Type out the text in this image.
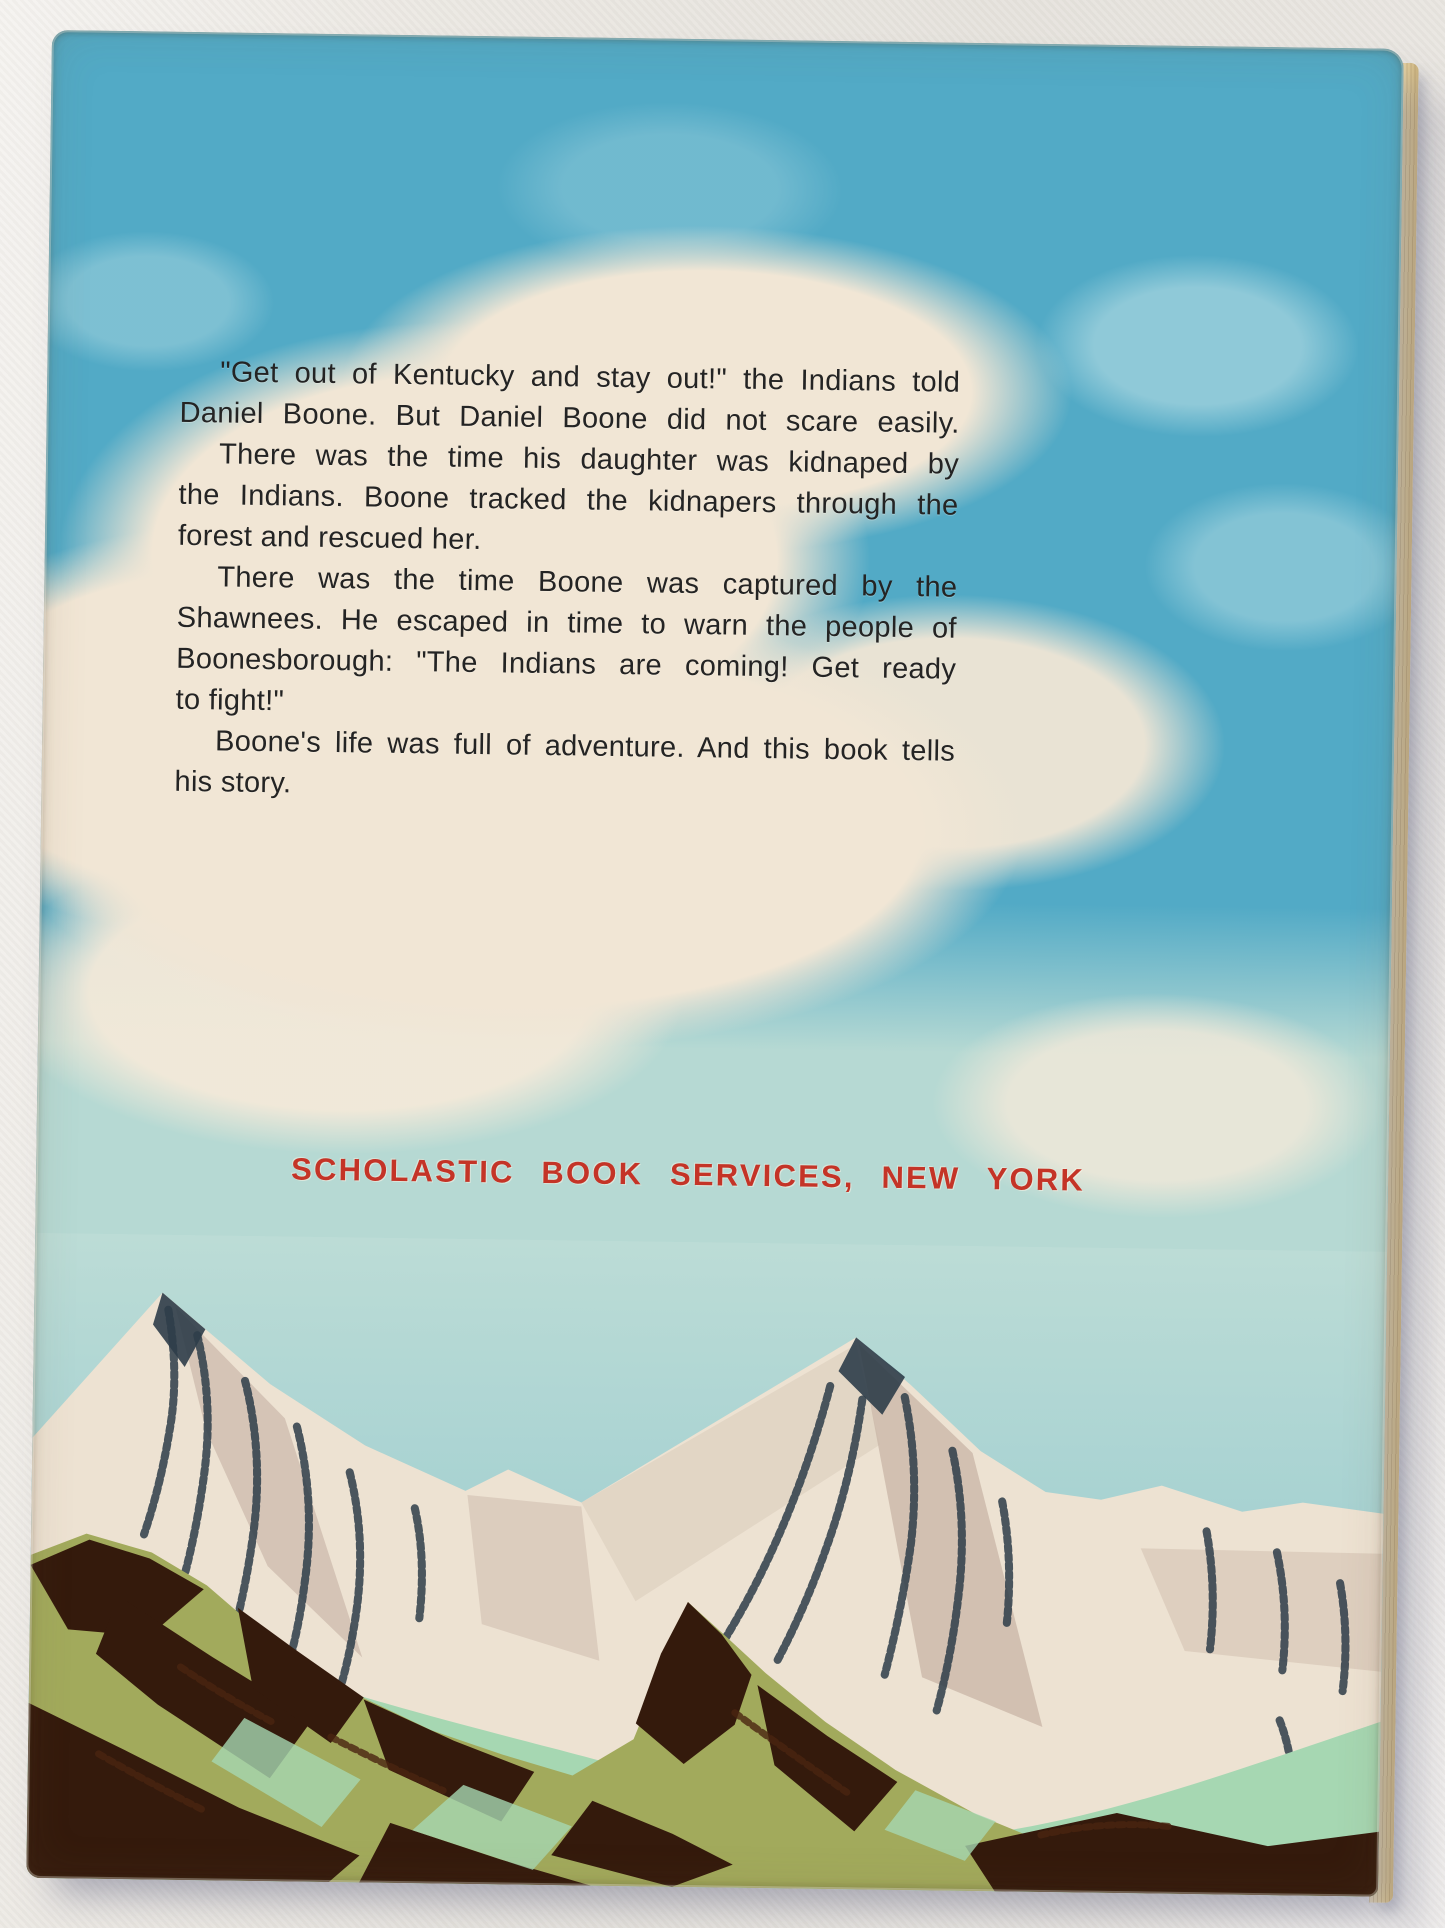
"Get out of Kentucky and stay out!" the Indians told
Daniel Boone. But Daniel Boone did not scare easily.

There was the time his daughter was kidnaped by
the Indians. Boone tracked the kidnapers through the
forest and rescued her.

There was the time Boone was captured by the
Shawnees. He escaped in time to warn the people of
Boonesborough: "The Indians are coming! Get ready
to fight!"

Boone's life was full of adventure. And this book tells
his story.

SCHOLASTIC BOOK SERVICES, NEW YORK
